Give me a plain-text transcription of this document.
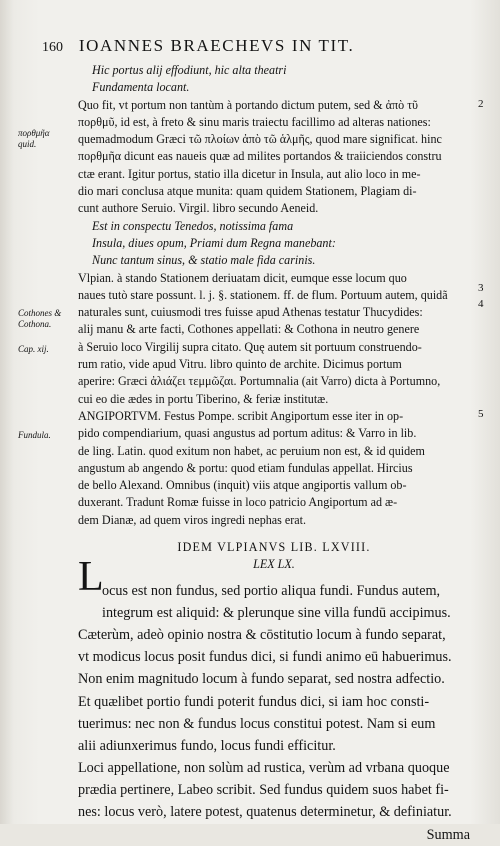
160 IOANNES BRAECHEVS IN TIT.
Hic portus alij effodiunt, hic alta theatri
Fundamenta locant.
Quo fit, vt portum non tantùm à portando dictum putem, sed & ἀπὸ τῦ
πορθμῦ, id est, à freto & sinu maris traiectu facillimo ad alteras nationes:
quemadmodum Græci τῶ πλοίων ἀπὸ τῶ ἁλμῆς, quod mare significat. hinc
πορθμῆα dicunt eas naueis quæ ad milites portandos & traiiciendos constru
ctæ erant. Igitur portus, statio illa dicetur in Insula, aut alio loco in me-
dio mari conclusa atque munita: quam quidem Stationem, Plagiam di-
cunt authore Seruio. Virgil. libro secundo Aeneid.
Est in conspectu Tenedos, notissima fama
Insula, diues opum, Priami dum Regna manebant:
Nunc tantum sinus, & statio male fida carinis.
Vlpian. à stando Stationem deriuatam dicit, eumque esse locum quo
naues tutò stare possunt. l. j. §. stationem. ff. de flum. Portuum autem, quidã
naturales sunt, cuiusmodi tres fuisse apud Athenas testatur Thucydides:
alij manu & arte facti, Cothones appellati: & Cothona in neutro genere
à Seruio loco Virgilij supra citato. Quę autem sit portuum construendo-
rum ratio, vide apud Vitru. libro quinto de archite. Dicimus portum
aperire: Græci ἀλιάζει τεμμῶζαι. Portumnalia (ait Varro) dicta à Portumno,
cui eo die ædes in portu Tiberino, & feriæ institutæ.
ANGIPORTVM. Festus Pompe. scribit Angiportum esse iter in op-
pido compendiarium, quasi angustus ad portum aditus: & Varro in lib.
de ling. Latin. quod exitum non habet, ac peruium non est, & id quidem
angustum ab angendo & portu: quod etiam fundulas appellat. Hircius
de bello Alexand. Omnibus (inquit) viis atque angiportis vallum ob-
duxerant. Tradunt Romæ fuisse in loco patricio Angiportum ad æ-
dem Dianæ, ad quem viros ingredi nephas erat.
IDEM VLPIANVS LIB. LXVIII.
LEX LX.
ocus est non fundus, sed portio aliqua fundi. Fundus autem,
integrum est aliquid: & plerunque sine villa fundū accipimus.
Cæterùm, adeò opinio nostra & cōstitutio locum à fundo separat,
vt modicus locus posit fundus dici, si fundi animo eū habuerimus.
Non enim magnitudo locum à fundo separat, sed nostra adfectio.
Et quælibet portio fundi poterit fundus dici, si iam hoc consti-
tuerimus: nec non & fundus locus constitui potest. Nam si eum
alii adiunxerimus fundo, locus fundi efficitur.
Loci appellatione, non solùm ad rustica, verùm ad vrbana quoque
prædia pertinere, Labeo scribit. Sed fundus quidem suos habet fi-
nes: locus verò, latere potest, quatenus determinetur, & definiatur.
Summa
L
πορθμῆα
quid.
Cothones &
Cothona.
Cap. xij.
Fundula.
2
3
4
5
